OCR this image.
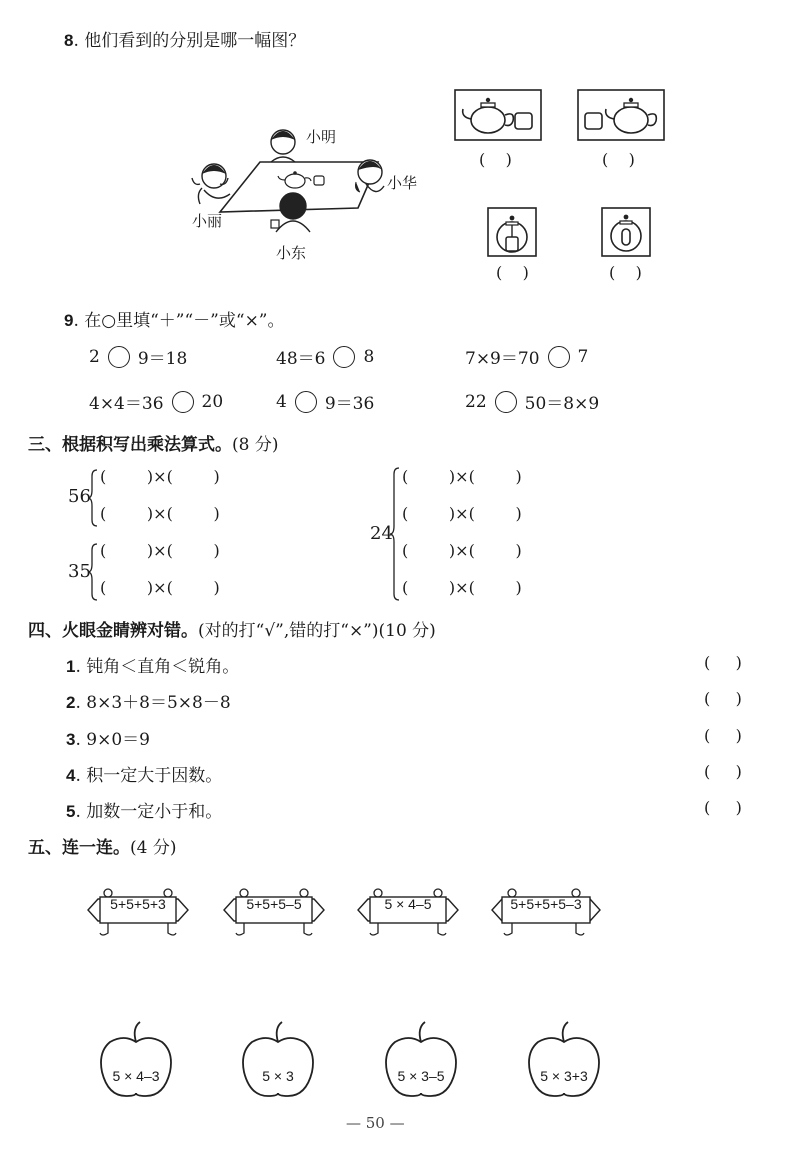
8. 他们看到的分别是哪一幅图？
小明
小华
小丽
小东
(    )	(    )
(    )	(    )
9. 在○里填“＋”“－”或“×”。
2 9＝18	48＝6 8	7×9＝70 7
4×4＝36 20	4 9＝36	22 50＝8×9
三、根据积写出乘法算式。(8 分)
56
(        )×(        )
(        )×(        )
35
(        )×(        )
(        )×(        )
24
(        )×(        )
(        )×(        )
(        )×(        )
(        )×(        )
四、火眼金睛辨对错。(对的打“√”,错的打“×”)(10 分)
1. 钝角＜直角＜锐角。	(     )
2. 8×3＋8＝5×8－8	(     )
3. 9×0＝9	(     )
4. 积一定大于因数。	(     )
5. 加数一定小于和。	(     )
五、连一连。(4 分)
5+5+5+3	5+5+5–5	5 × 4–5	5+5+5+5–3
5 × 4–3	5 × 3	5 × 3–5	5 × 3+3
— 50 —
